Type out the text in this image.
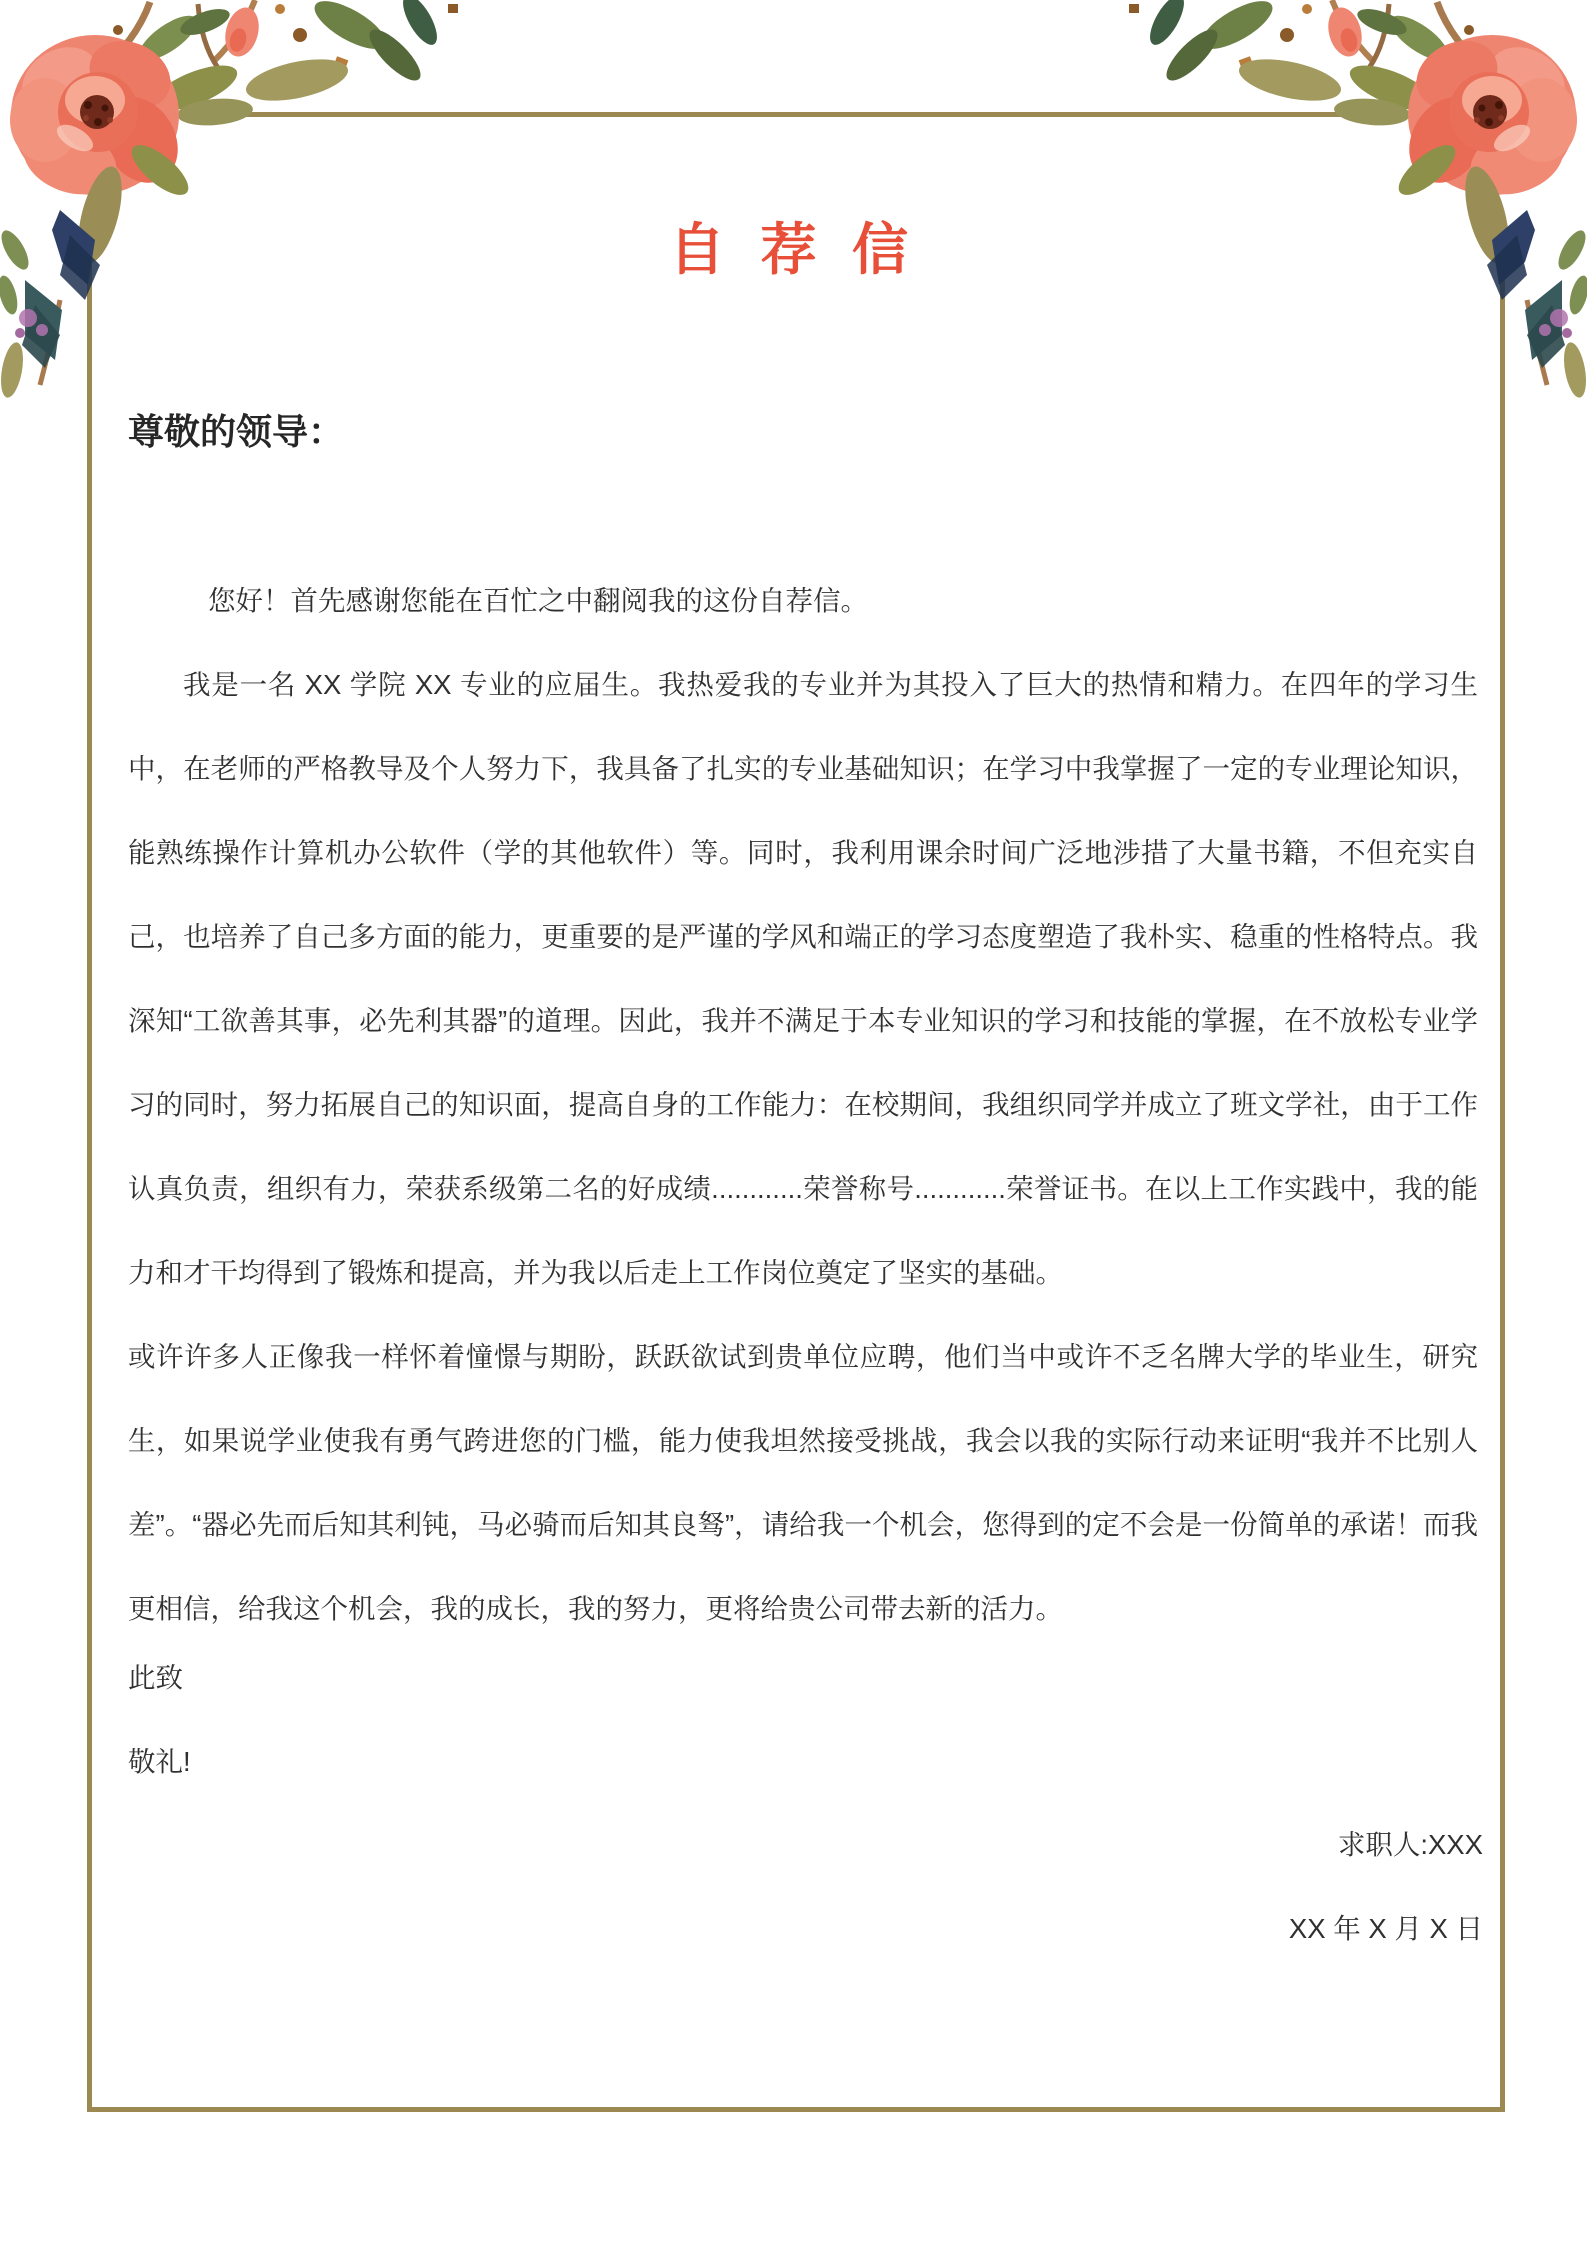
自 荐 信
尊敬的领导：

您好！首先感谢您能在百忙之中翻阅我的这份自荐信。

我是一名 XX 学院 XX 专业的应届生。我热爱我的专业并为其投入了巨大的热情和精力。在四年的学习生中，在老师的严格教导及个人努力下，我具备了扎实的专业基础知识；在学习中我掌握了一定的专业理论知识，能熟练操作计算机办公软件（学的其他软件）等。同时，我利用课余时间广泛地涉措了大量书籍，不但充实自己，也培养了自己多方面的能力，更重要的是严谨的学风和端正的学习态度塑造了我朴实、稳重的性格特点。我深知“工欲善其事，必先利其器”的道理。因此，我并不满足于本专业知识的学习和技能的掌握，在不放松专业学习的同时，努力拓展自己的知识面，提高自身的工作能力：在校期间，我组织同学并成立了班文学社，由于工作认真负责，组织有力，荣获系级第二名的好成绩............荣誉称号............荣誉证书。在以上工作实践中，我的能力和才干均得到了锻炼和提高，并为我以后走上工作岗位奠定了坚实的基础。

或许许多人正像我一样怀着憧憬与期盼，跃跃欲试到贵单位应聘，他们当中或许不乏名牌大学的毕业生，研究生，如果说学业使我有勇气跨进您的门槛，能力使我坦然接受挑战，我会以我的实际行动来证明“我并不比别人差”。“器必先而后知其利钝，马必骑而后知其良驽”，请给我一个机会，您得到的定不会是一份简单的承诺！而我更相信，给我这个机会，我的成长，我的努力，更将给贵公司带去新的活力。

此致

敬礼!

求职人:XXX

XX 年 X 月 X 日
